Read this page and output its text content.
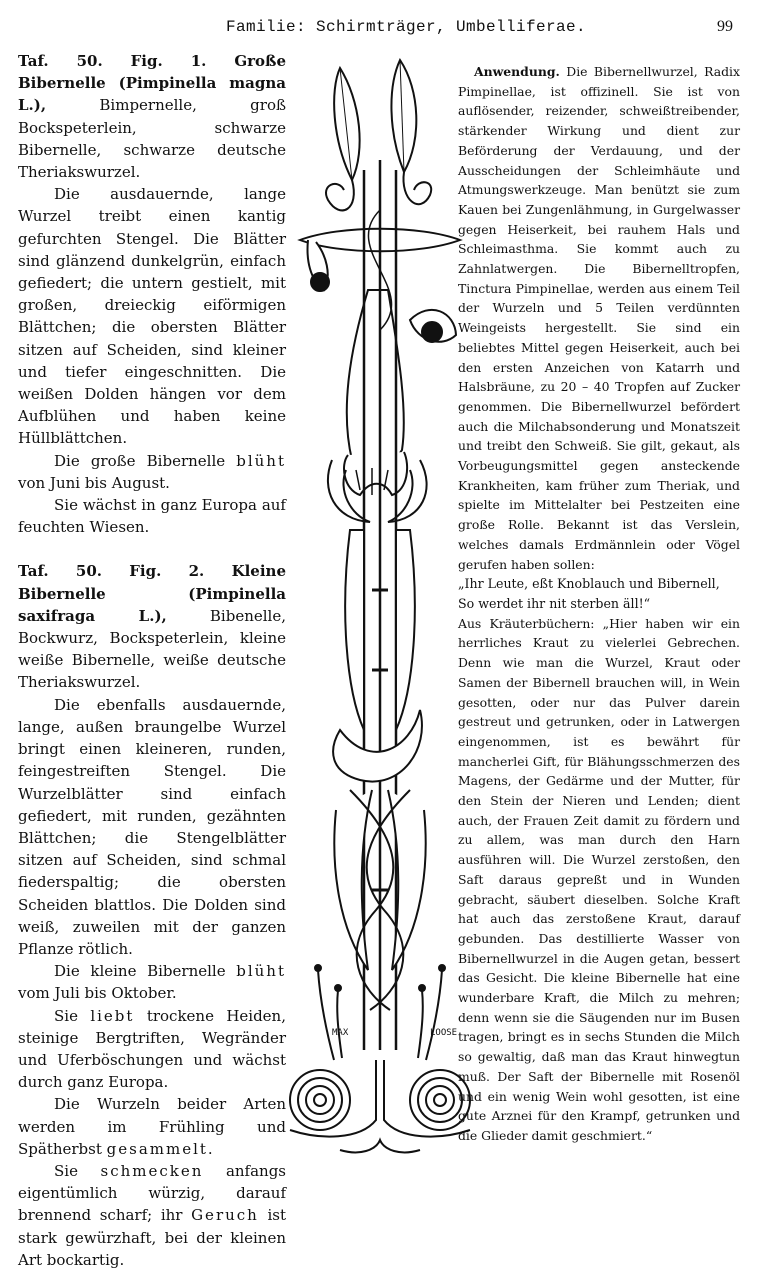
Familie: Schirmträger, Umbelliferae.	99

Taf. 50. Fig. 1. Große Bibernelle (Pimpinella magna L.),	Bimpernelle, groß Bockspeterlein, schwarze Bibernelle, schwarze deutsche Theriakswurzel.

Die ausdauernde, lange Wurzel treibt einen kantig gefurchten Stengel. Die Blätter sind glänzend dunkelgrün, einfach gefiedert; die untern gestielt, mit großen, dreieckig eiförmigen Blättchen; die obersten Blätter sitzen auf Scheiden, sind kleiner und tiefer eingeschnitten. Die weißen Dolden hängen vor dem Aufblühen und haben keine Hüllblättchen.

Die große Bibernelle blüht von Juni bis August.

Sie wächst in ganz Europa auf feuchten Wiesen.

Taf. 50. Fig. 2. Kleine Bibernelle (Pimpinella saxifraga L.),	Bibenelle, Bockwurz, Bockspeterlein, kleine weiße Bibernelle, weiße deutsche Theriakswurzel.

Die ebenfalls ausdauernde, lange, außen braungelbe Wurzel bringt einen kleineren, runden, feingestreiften Stengel. Die Wurzelblätter sind einfach gefiedert, mit runden, gezähnten Blättchen; die Stengelblätter sitzen auf Scheiden, sind schmal fiederspaltig; die obersten Scheiden blattlos. Die Dolden sind weiß, zuweilen mit der ganzen Pflanze rötlich.

Die kleine Bibernelle blüht vom Juli bis Oktober.

Sie liebt trockene Heiden, steinige Bergtriften, Wegränder und Uferböschungen und wächst durch ganz Europa.

Die Wurzeln beider Arten werden im Frühling und Spätherbst gesammelt.

Sie schmecken anfangs eigentümlich würzig, darauf brennend scharf; ihr Geruch ist stark gewürzhaft, bei der kleinen Art bockartig.

MAX	LOOSE

Anwendung. Die Bibernellwurzel, Radix Pimpinellae, ist offizinell. Sie ist von auflösender, reizender, schweißtreibender, stärkender Wirkung und dient zur Beförderung der Verdauung, und der Ausscheidungen der Schleimhäute und Atmungswerkzeuge. Man benützt sie zum Kauen bei Zungenlähmung, in Gurgelwasser gegen Heiserkeit, bei rauhem Hals und Schleimasthma. Sie kommt auch zu Zahnlatwergen. Die Bibernelltropfen, Tinctura Pimpinellae, werden aus einem Teil der Wurzeln und 5 Teilen verdünnten Weingeists hergestellt. Sie sind ein beliebtes Mittel gegen Heiserkeit, auch bei den ersten Anzeichen von Katarrh und Halsbräune, zu 20 – 40 Tropfen auf Zucker genommen. Die Bibernellwurzel befördert auch die Milchabsonderung und Monatszeit und treibt den Schweiß. Sie gilt, gekaut, als Vorbeugungsmittel gegen ansteckende Krankheiten, kam früher zum Theriak, und spielte im Mittelalter bei Pestzeiten eine große Rolle. Bekannt ist das Verslein, welches damals Erdmännlein oder Vögel gerufen haben sollen:

„Ihr Leute, eßt Knoblauch und Bibernell,

So werdet ihr nit sterben äll!“

Aus Kräuterbüchern: „Hier haben wir ein herrliches Kraut zu vielerlei Gebrechen. Denn wie man die Wurzel, Kraut oder Samen der Bibernell brauchen will, in Wein gesotten, oder nur das Pulver darein gestreut und getrunken, oder in Latwergen eingenommen, ist es bewährt für mancherlei Gift, für Blähungsschmerzen des Magens, der Gedärme und der Mutter, für den Stein der Nieren und Lenden; dient auch, der Frauen Zeit damit zu fördern und zu allem, was man durch den Harn ausführen will. Die Wurzel zerstoßen, den Saft daraus gepreßt und in Wunden gebracht, säubert dieselben. Solche Kraft hat auch das zerstoßene Kraut, darauf gebunden. Das destillierte Wasser von Bibernellwurzel in die Augen getan, bessert das Gesicht. Die kleine Bibernelle hat eine wunderbare Kraft, die Milch zu mehren; denn wenn sie die Säugenden nur im Busen tragen, bringt es in sechs Stunden die Milch so gewaltig, daß man das Kraut hinwegtun muß. Der Saft der Bibernelle mit Rosenöl und ein wenig Wein wohl gesotten, ist eine gute Arznei für den Krampf, getrunken und die Glieder damit geschmiert.“
